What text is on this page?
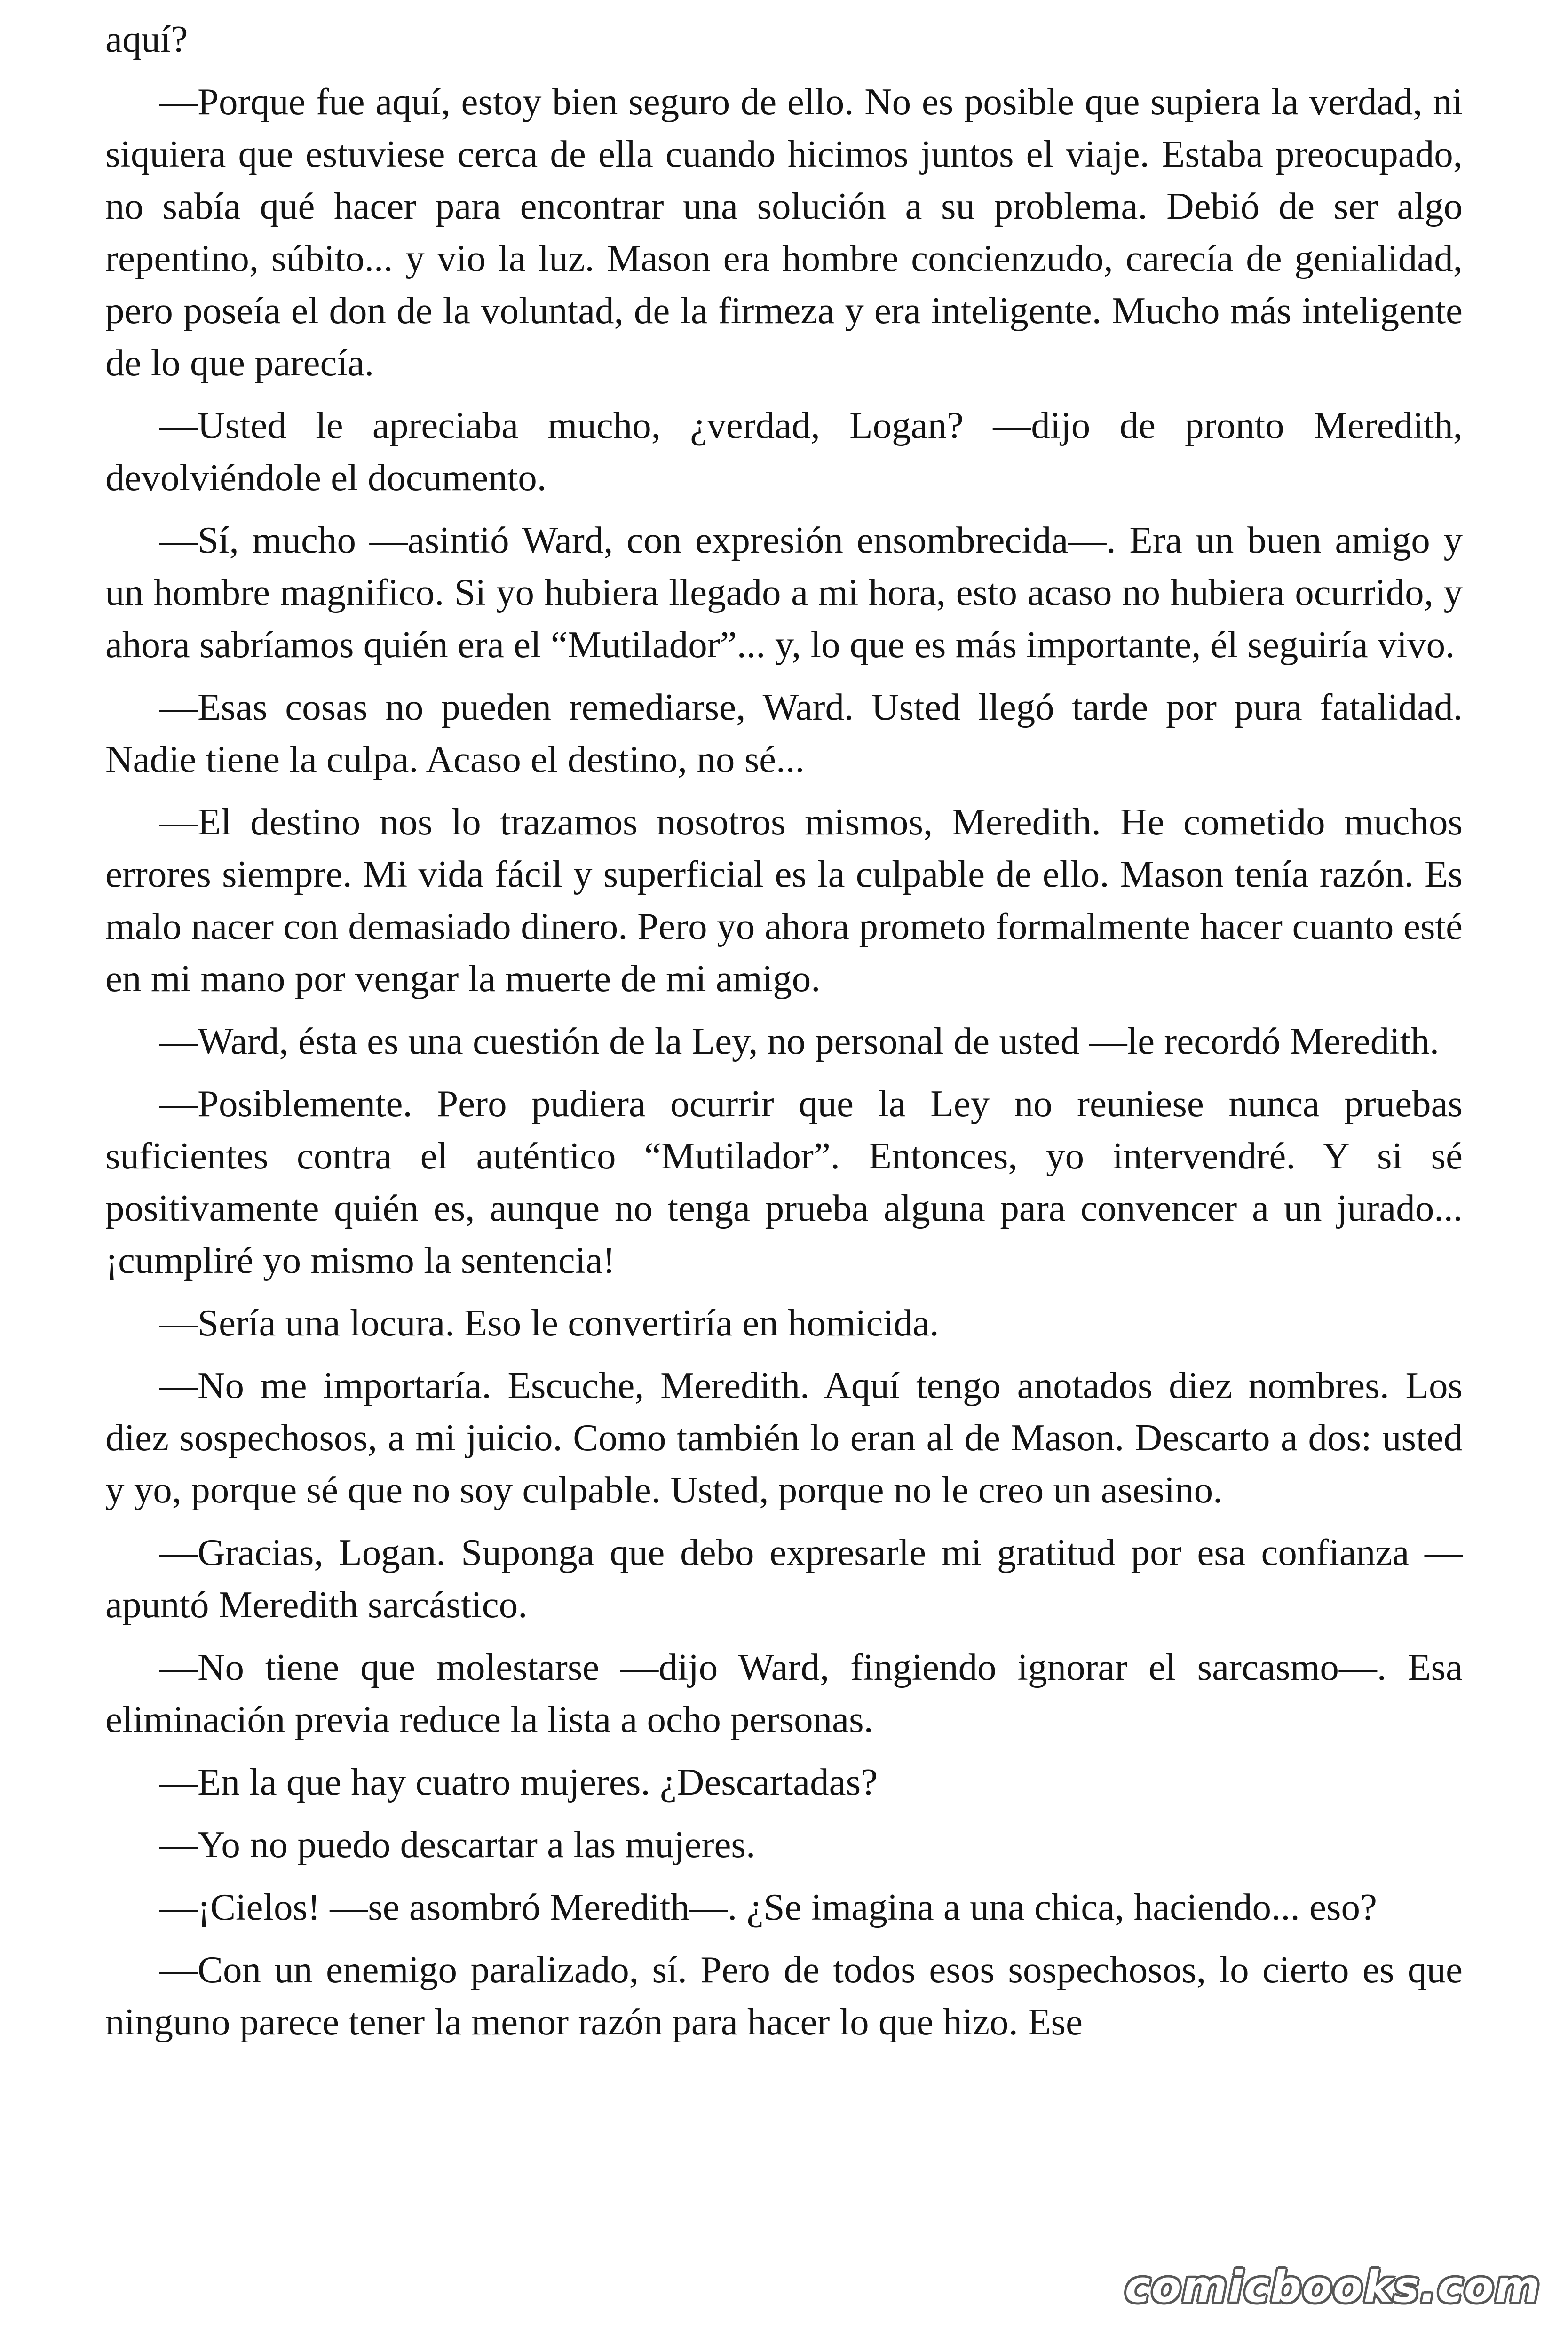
aquí?

—Porque fue aquí, estoy bien seguro de ello. No es posible que supiera la verdad, ni siquiera que estuviese cerca de ella cuando hicimos juntos el viaje. Estaba preocupado, no sabía qué hacer para encontrar una solución a su problema. Debió de ser algo repentino, súbito... y vio la luz. Mason era hombre concienzudo, carecía de genialidad, pero poseía el don de la voluntad, de la firmeza y era inteligente. Mucho más inteligente de lo que parecía.

—Usted le apreciaba mucho, ¿verdad, Logan? —dijo de pronto Meredith, devolviéndole el documento.

—Sí, mucho —asintió Ward, con expresión ensombrecida—. Era un buen amigo y un hombre magnifico. Si yo hubiera llegado a mi hora, esto acaso no hubiera ocurrido, y ahora sabríamos quién era el “Mutilador”... y, lo que es más importante, él seguiría vivo.

—Esas cosas no pueden remediarse, Ward. Usted llegó tarde por pura fatalidad. Nadie tiene la culpa. Acaso el destino, no sé...

—El destino nos lo trazamos nosotros mismos, Meredith. He cometido muchos errores siempre. Mi vida fácil y superficial es la culpable de ello. Mason tenía razón. Es malo nacer con demasiado dinero. Pero yo ahora prometo formalmente hacer cuanto esté en mi mano por vengar la muerte de mi amigo.

—Ward, ésta es una cuestión de la Ley, no personal de usted —le recordó Meredith.

—Posiblemente. Pero pudiera ocurrir que la Ley no reuniese nunca pruebas suficientes contra el auténtico “Mutilador”. Entonces, yo intervendré. Y si sé positivamente quién es, aunque no tenga prueba alguna para convencer a un jurado... ¡cumpliré yo mismo la sentencia!

—Sería una locura. Eso le convertiría en homicida.

—No me importaría. Escuche, Meredith. Aquí tengo anotados diez nombres. Los diez sospechosos, a mi juicio. Como también lo eran al de Mason. Descarto a dos: usted y yo, porque sé que no soy culpable. Usted, porque no le creo un asesino.

—Gracias, Logan. Suponga que debo expresarle mi gratitud por esa confianza —apuntó Meredith sarcástico.

—No tiene que molestarse —dijo Ward, fingiendo ignorar el sarcasmo—. Esa eliminación previa reduce la lista a ocho personas.

—En la que hay cuatro mujeres. ¿Descartadas?

—Yo no puedo descartar a las mujeres.

—¡Cielos! —se asombró Meredith—. ¿Se imagina a una chica, haciendo... eso?

—Con un enemigo paralizado, sí. Pero de todos esos sospechosos, lo cierto es que ninguno parece tener la menor razón para hacer lo que hizo. Ese

comicbooks.com
